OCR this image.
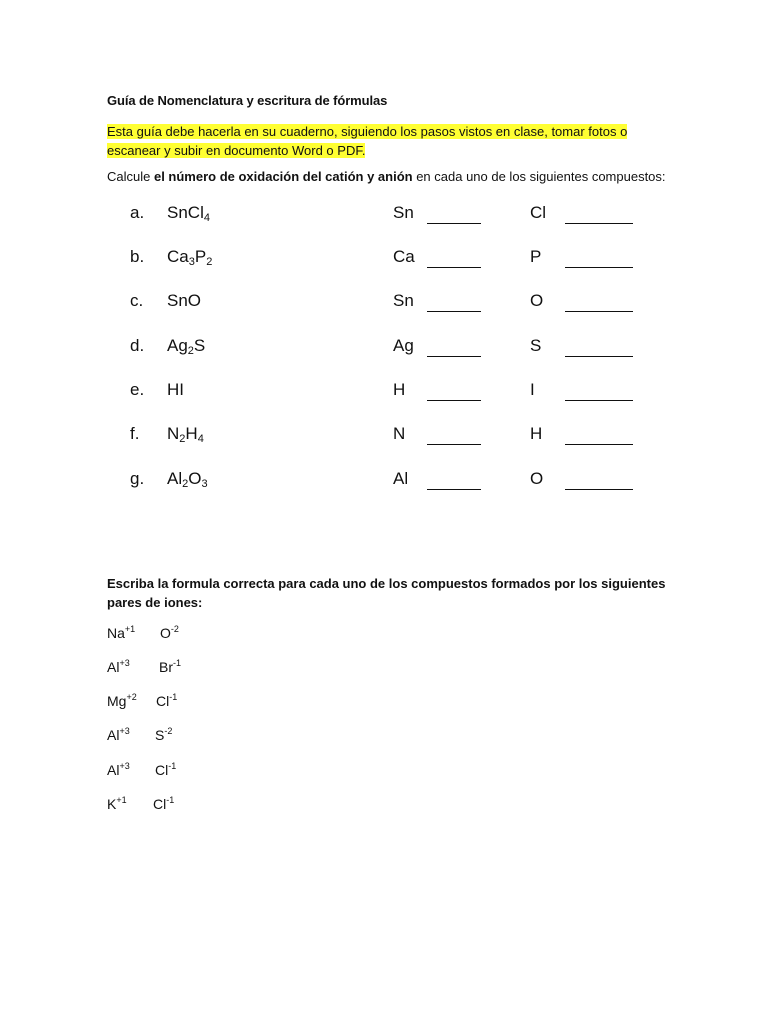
Guía de Nomenclatura y escritura de fórmulas
Esta guía debe hacerla en su cuaderno, siguiendo los pasos vistos en clase, tomar fotos o escanear y subir en documento Word o PDF.
Calcule el número de oxidación del catión y anión en cada uno de los siguientes compuestos:
a. SnCl$_4$	Sn	Cl
b. $Ca_3P_2$	Ca	P
c. SnO	Sn	O
d. $Ag_2S$	Ag	S
e. HI	H	I
f. $N_2H_4$	N	H
g. $Al_2O_3$	Al	O
Escriba la formula correcta para cada uno de los compuestos formados por los siguientes pares de iones:
$Na^{+1}$ $O^{-2}$
$Al^{+3}$ $Br^{-1}$
$Mg^{+2}$ $Cl^{-1}$
$Al^{+3}$ $S^{-2}$
$Al^{+3}$ $Cl^{-1}$
$K^{+1}$ $Cl^{-1}$
